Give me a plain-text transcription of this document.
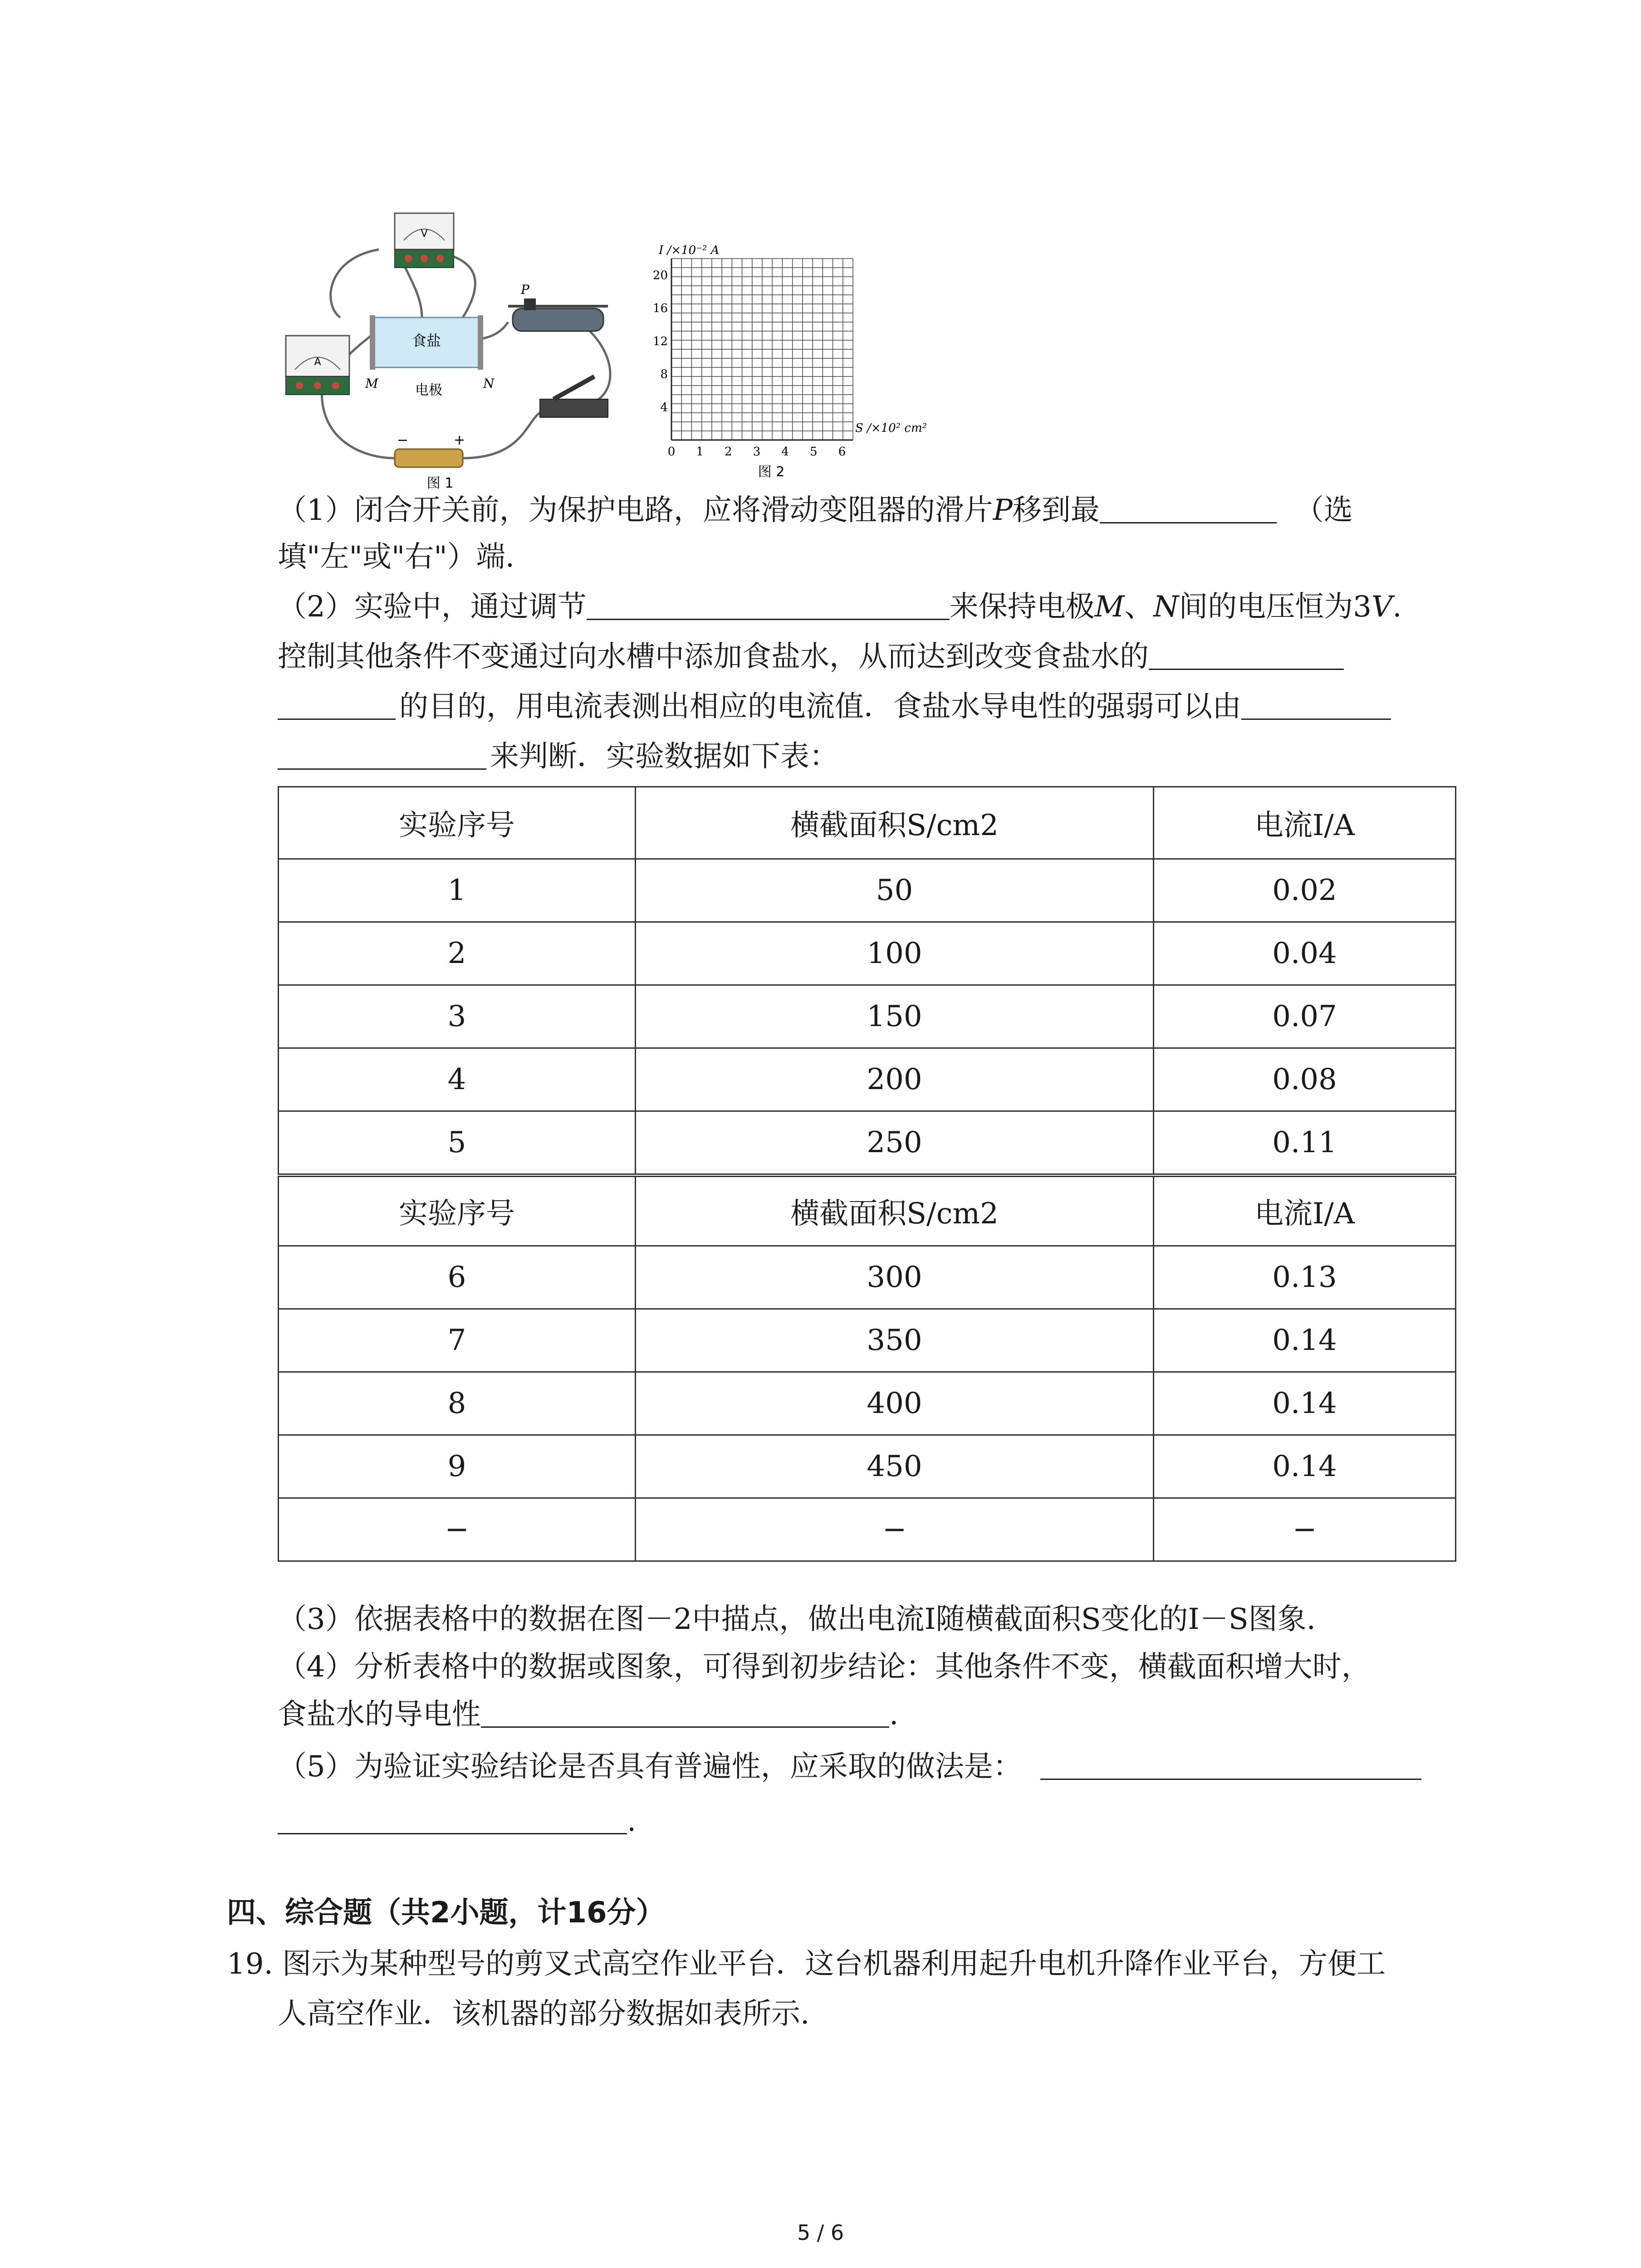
V
A
食盐
M	电极	N
P
−	+
图 1
I /×10⁻² A
20
16
12
8
4
0 1 2 3 4 5 6
S /×10² cm²
图 2
（1）闭合开关前，为保护电路，应将滑动变阻器的滑片P移到最	（选
填"左"或"右"）端.
（2）实验中，通过调节	来保持电极M、N间的电压恒为3V.
控制其他条件不变通过向水槽中添加食盐水，从而达到改变食盐水的
的目的，用电流表测出相应的电流值．食盐水导电性的强弱可以由
来判断．实验数据如下表：
实验序号	横截面积S/cm2	电流I/A
1	50	0.02
2	100	0.04
3	150	0.07
4	200	0.08
5	250	0.11
实验序号	横截面积S/cm2	电流I/A
6	300	0.13
7	350	0.14
8	400	0.14
9	450	0.14
−	−	−
（3）依据表格中的数据在图－2中描点，做出电流I随横截面积S变化的I－S图象.
（4）分析表格中的数据或图象，可得到初步结论：其他条件不变，横截面积增大时，
食盐水的导电性	.
（5）为验证实验结论是否具有普遍性，应采取的做法是：
.
四、综合题（共2小题，计16分）
19. 图示为某种型号的剪叉式高空作业平台．这台机器利用起升电机升降作业平台，方便工
人高空作业．该机器的部分数据如表所示.
5 / 6
